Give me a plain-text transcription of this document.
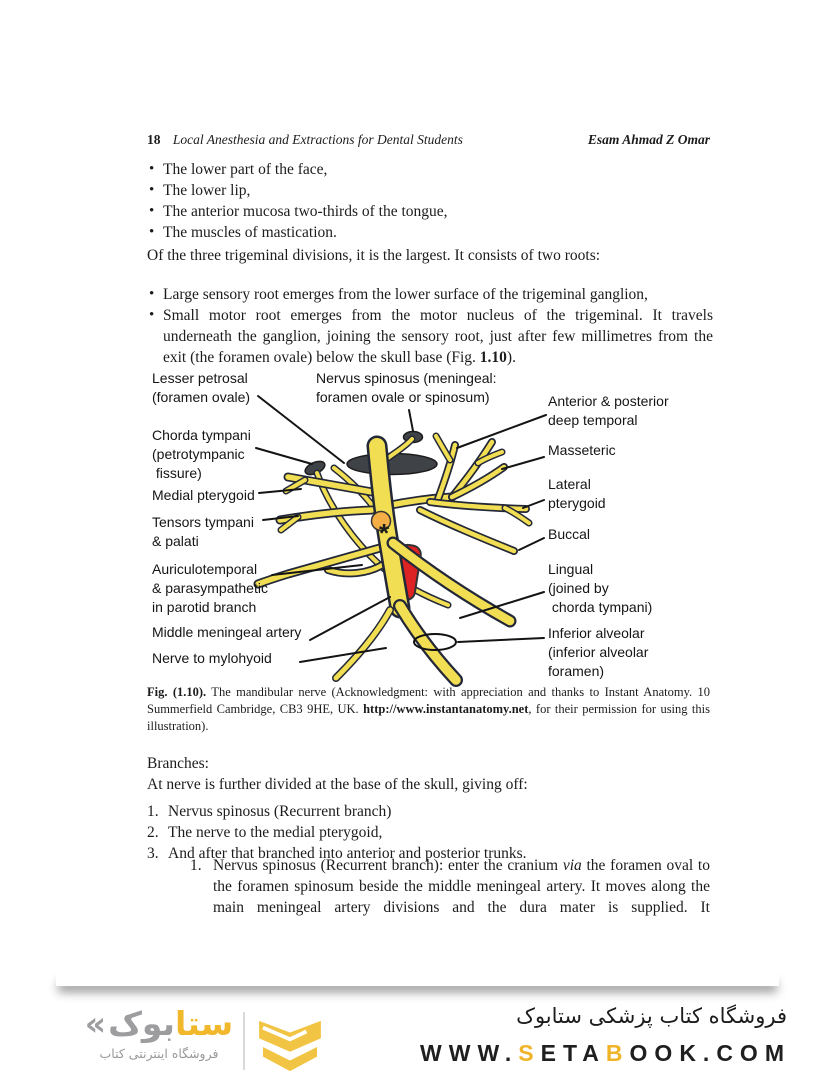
18 Local Anesthesia and Extractions for Dental Students	Esam Ahmad Z Omar
•
The lower part of the face,
•
The lower lip,
•
The anterior mucosa two-thirds of the tongue,
•
The muscles of mastication.
Of the three trigeminal divisions, it is the largest. It consists of two roots:
•
Large sensory root emerges from the lower surface of the trigeminal ganglion,
•
Small motor root emerges from the motor nucleus of the trigeminal. It travels underneath the ganglion, joining the sensory root, just after few millimetres from the exit (the foramen ovale) below the skull base (Fig. 1.10).
Lesser petrosal
(foramen ovale)
Nervus spinosus (meningeal:
foramen ovale or spinosum)
Chorda tympani
(petrotympanic
fissure)
Medial pterygoid
Tensors tympani
& palati
Auriculotemporal
& parasympathetic
in parotid branch
Middle meningeal artery
Nerve to mylohyoid
Anterior & posterior
deep temporal
Masseteric
Lateral
pterygoid
Buccal
Lingual
(joined by
chorda tympani)
Inferior alveolar
(inferior alveolar
foramen)
*
Fig. (1.10). The mandibular nerve (Acknowledgment: with appreciation and thanks to Instant Anatomy. 10 Summerfield Cambridge, CB3 9HE, UK. http://www.instantanatomy.net, for their permission for using this illustration).
Branches:
At nerve is further divided at the base of the skull, giving off:
1. Nervus spinosus (Recurrent branch)
2. The nerve to the medial pterygoid,
3. And after that branched into anterior and posterior trunks.
1. Nervus spinosus (Recurrent branch): enter the cranium via the foramen oval to the foramen spinosum beside the middle meningeal artery. It moves along the main meningeal artery divisions and the dura mater is supplied. It
«	ستابوک
فروشگاه اینترنتی کتاب
فروشگاه کتاب پزشکی ستابوک
WWW.SETABOOK.COM
